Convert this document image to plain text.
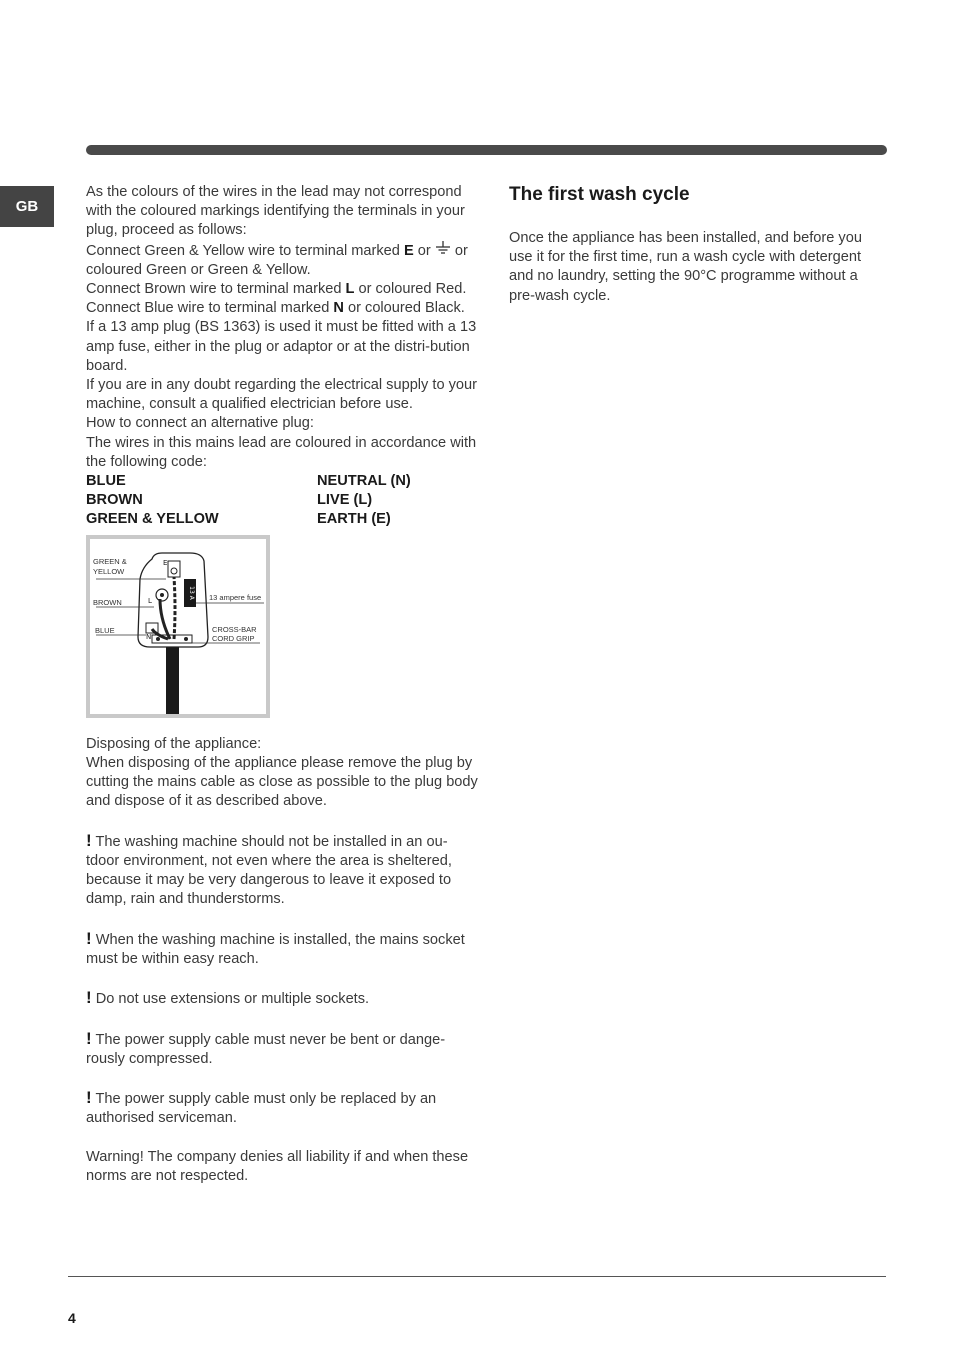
GB

As the colours of the wires in the lead may not correspond with the coloured markings identifying the terminals in your plug, proceed as follows:

Connect Green & Yellow wire to terminal marked E or  or coloured Green or Green & Yellow.

Connect Brown wire to terminal marked L or coloured Red.

Connect Blue wire to terminal marked N or coloured Black.

If a 13 amp plug (BS 1363) is used it must be fitted with a 13 amp fuse, either in the plug or adaptor or at the distri-bution board.

If you are in any doubt regarding the electrical supply to your machine, consult a qualified electrician before use.

How to connect an alternative plug:

The wires in this mains lead are coloured in accordance with the following code:

BLUE	NEUTRAL (N)
BROWN	LIVE (L)
GREEN & YELLOW	EARTH (E)
13 A
E
L
N
GREEN &
YELLOW
BROWN
BLUE
13 ampere fuse
CROSS-BAR
CORD GRIP

Disposing of the appliance:

When disposing of the appliance please remove the plug by cutting the mains cable as close as possible to the plug body and dispose of it as described above.

! The washing machine should not be installed in an ou-tdoor environment, not even where the area is sheltered, because it may be very dangerous to leave it exposed to damp, rain and thunderstorms.

! When the washing machine is installed, the mains socket must be within easy reach.

! Do not use extensions or multiple sockets.

! The power supply cable must never be bent or dange-rously compressed.

! The power supply cable must only be replaced by an authorised serviceman.

Warning! The company denies all liability if and when these norms are not respected.

The first wash cycle

Once the appliance has been installed, and before you use it for the first time, run a wash cycle with detergent and no laundry, setting the 90°C programme without a pre-wash cycle.

4
